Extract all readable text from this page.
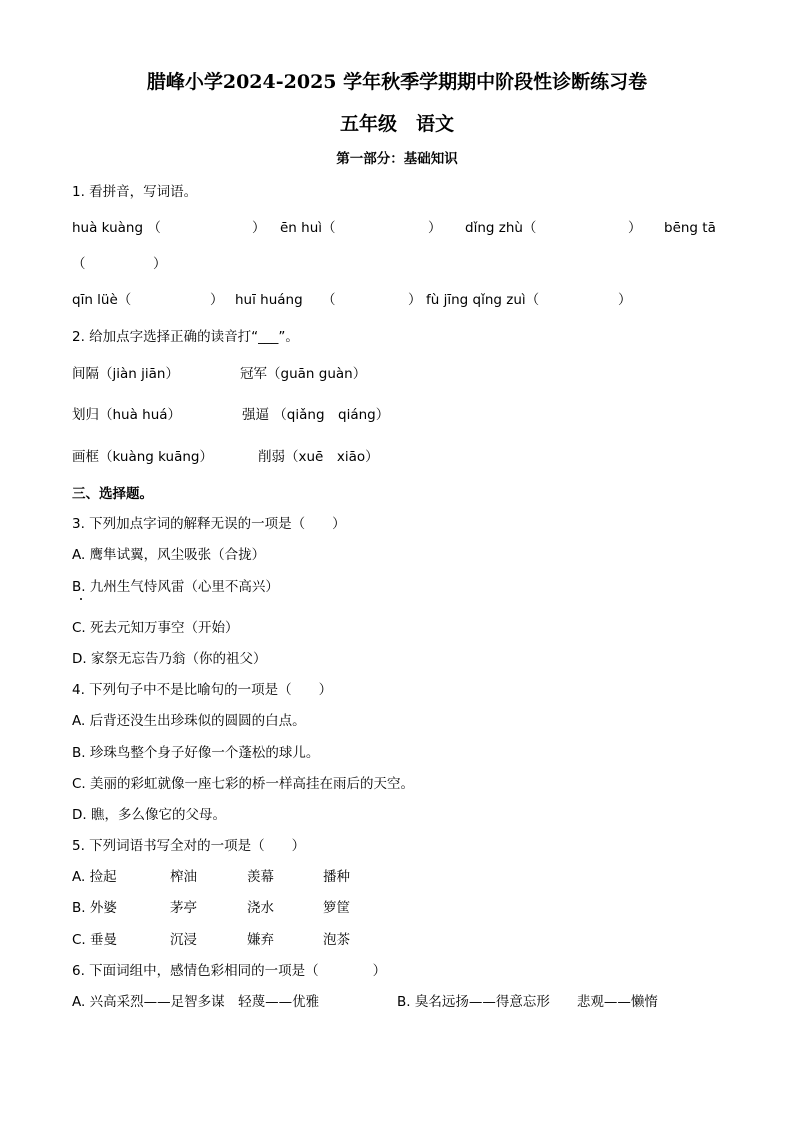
腊峰小学2024-2025 学年秋季学期期中阶段性诊断练习卷
五年级　语文
第一部分：基础知识
1. 看拼音，写词语。
huà kuàng （	） ēn huì（	） dǐng zhù（	） bēng tā
（　　　　　）
qīn lüè（	） huī huáng （	） fù jīng qǐng zuì（	）
2. 给加点字选择正确的读音打“___”。
间隔（jiàn jiān）	冠军（guān guàn）
划归（huà huá）	强逼 （qiǎng　qiáng）
画框（kuàng kuāng）	削弱（xuē　xiāo）
三、选择题。
3. 下列加点字词的解释无误的一项是（　　）
A. 鹰隼试翼，风尘吸张（合拢）
B. 九州生气恃风雷（心里不高兴）
C. 死去元知万事空（开始）
D. 家祭无忘告乃翁（你的祖父）
4. 下列句子中不是比喻句的一项是（　　）
A. 后背还没生出珍珠似的圆圆的白点。
B. 珍珠鸟整个身子好像一个蓬松的球儿。
C. 美丽的彩虹就像一座七彩的桥一样高挂在雨后的天空。
D. 瞧，多么像它的父母。
5. 下列词语书写全对的一项是（　　）
A. 捡起	榨油	羡幕	播种
B. 外婆	茅亭	浇水	箩筐
C. 垂曼	沉浸	嫌弃	泡茶
6. 下面词组中，感情色彩相同的一项是（　　　　）
A. 兴高采烈——足智多谋　轻蔑——优雅	B. 臭名远扬——得意忘形　　悲观——懒惰
